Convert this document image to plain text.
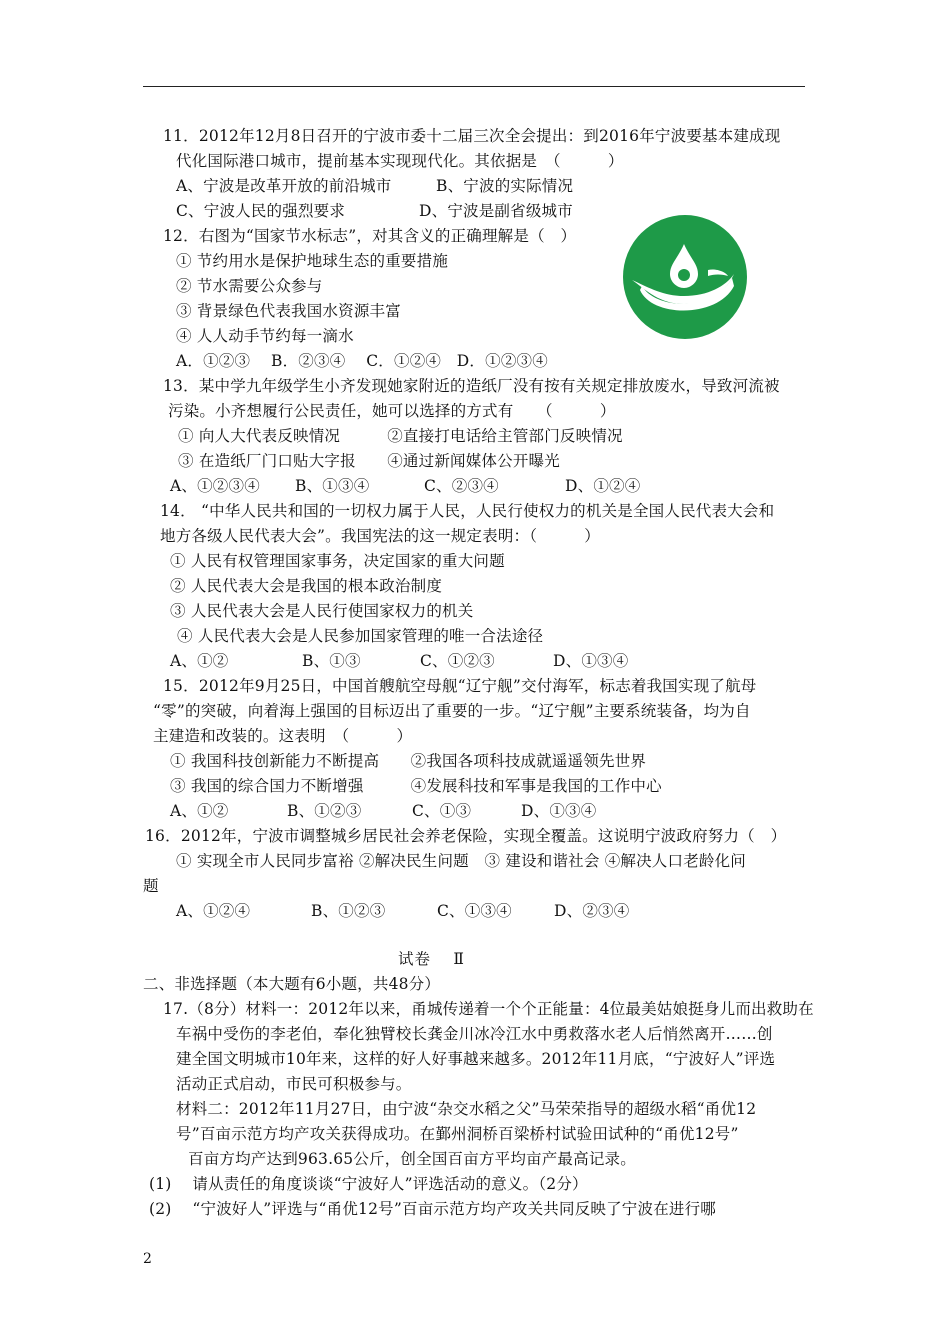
11．2012年12月8日召开的宁波市委十二届三次全会提出：到2016年宁波要基本建成现
代化国际港口城市，提前基本实现现代化。其依据是　（　　　）
A、宁波是改革开放的前沿城市	B、宁波的实际情况
C、宁波人民的强烈要求	D、宁波是副省级城市
12．右图为“国家节水标志”，对其含义的正确理解是（　）
① 节约用水是保护地球生态的重要措施
② 节水需要公众参与
③ 背景绿色代表我国水资源丰富
④ 人人动手节约每一滴水
A．①②③　 B．②③④　 C．①②④　D．①②③④
13．某中学九年级学生小齐发现她家附近的造纸厂没有按有关规定排放废水，导致河流被
污染。小齐想履行公民责任，她可以选择的方式有　　（　　　）
① 向人大代表反映情况　　　②直接打电话给主管部门反映情况
③ 在造纸厂门口贴大字报　　④通过新闻媒体公开曝光
A、①②③④ B、①③④	C、②③④	D、①②④
14． “中华人民共和国的一切权力属于人民，人民行使权力的机关是全国人民代表大会和
地方各级人民代表大会”。我国宪法的这一规定表明：（　　　）
① 人民有权管理国家事务，决定国家的重大问题
② 人民代表大会是我国的根本政治制度
③ 人民代表大会是人民行使国家权力的机关
④ 人民代表大会是人民参加国家管理的唯一合法途径
A、①②	B、①③	C、①②③	D、①③④
15．2012年9月25日，中国首艘航空母舰“辽宁舰”交付海军，标志着我国实现了航母
“零”的突破，向着海上强国的目标迈出了重要的一步。“辽宁舰”主要系统装备，均为自
主建造和改装的。这表明　（　　　）
① 我国科技创新能力不断提高　　②我国各项科技成就遥遥领先世界
③ 我国的综合国力不断增强　　　④发展科技和军事是我国的工作中心
A、①②	B、①②③	C、①③	D、①③④
16．2012年，宁波市调整城乡居民社会养老保险，实现全覆盖。这说明宁波政府努力（　）
① 实现全市人民同步富裕 ②解决民生问题　③ 建设和谐社会 ④解决人口老龄化问
题
A、①②④	B、①②③	C、①③④	D、②③④
试卷　 Ⅱ
二、非选择题（本大题有6小题，共48分）
17.（8分）材料一：2012年以来，甬城传递着一个个正能量：4位最美姑娘挺身儿而出救助在
车祸中受伤的李老伯，奉化独臂校长龚金川冰冷江水中勇救落水老人后悄然离开……创
建全国文明城市10年来，这样的好人好事越来越多。2012年11月底，“宁波好人”评选
活动正式启动，市民可积极参与。
材料二：2012年11月27日，由宁波“杂交水稻之父”马荣荣指导的超级水稻“甬优12
号”百亩示范方均产攻关获得成功。在鄞州洞桥百梁桥村试验田试种的“甬优12号”
百亩方均产达到963.65公斤，创全国百亩方平均亩产最高记录。
(1)　 请从责任的角度谈谈“宁波好人”评选活动的意义。（2分）
(2)　 “宁波好人”评选与“甬优12号”百亩示范方均产攻关共同反映了宁波在进行哪
2
